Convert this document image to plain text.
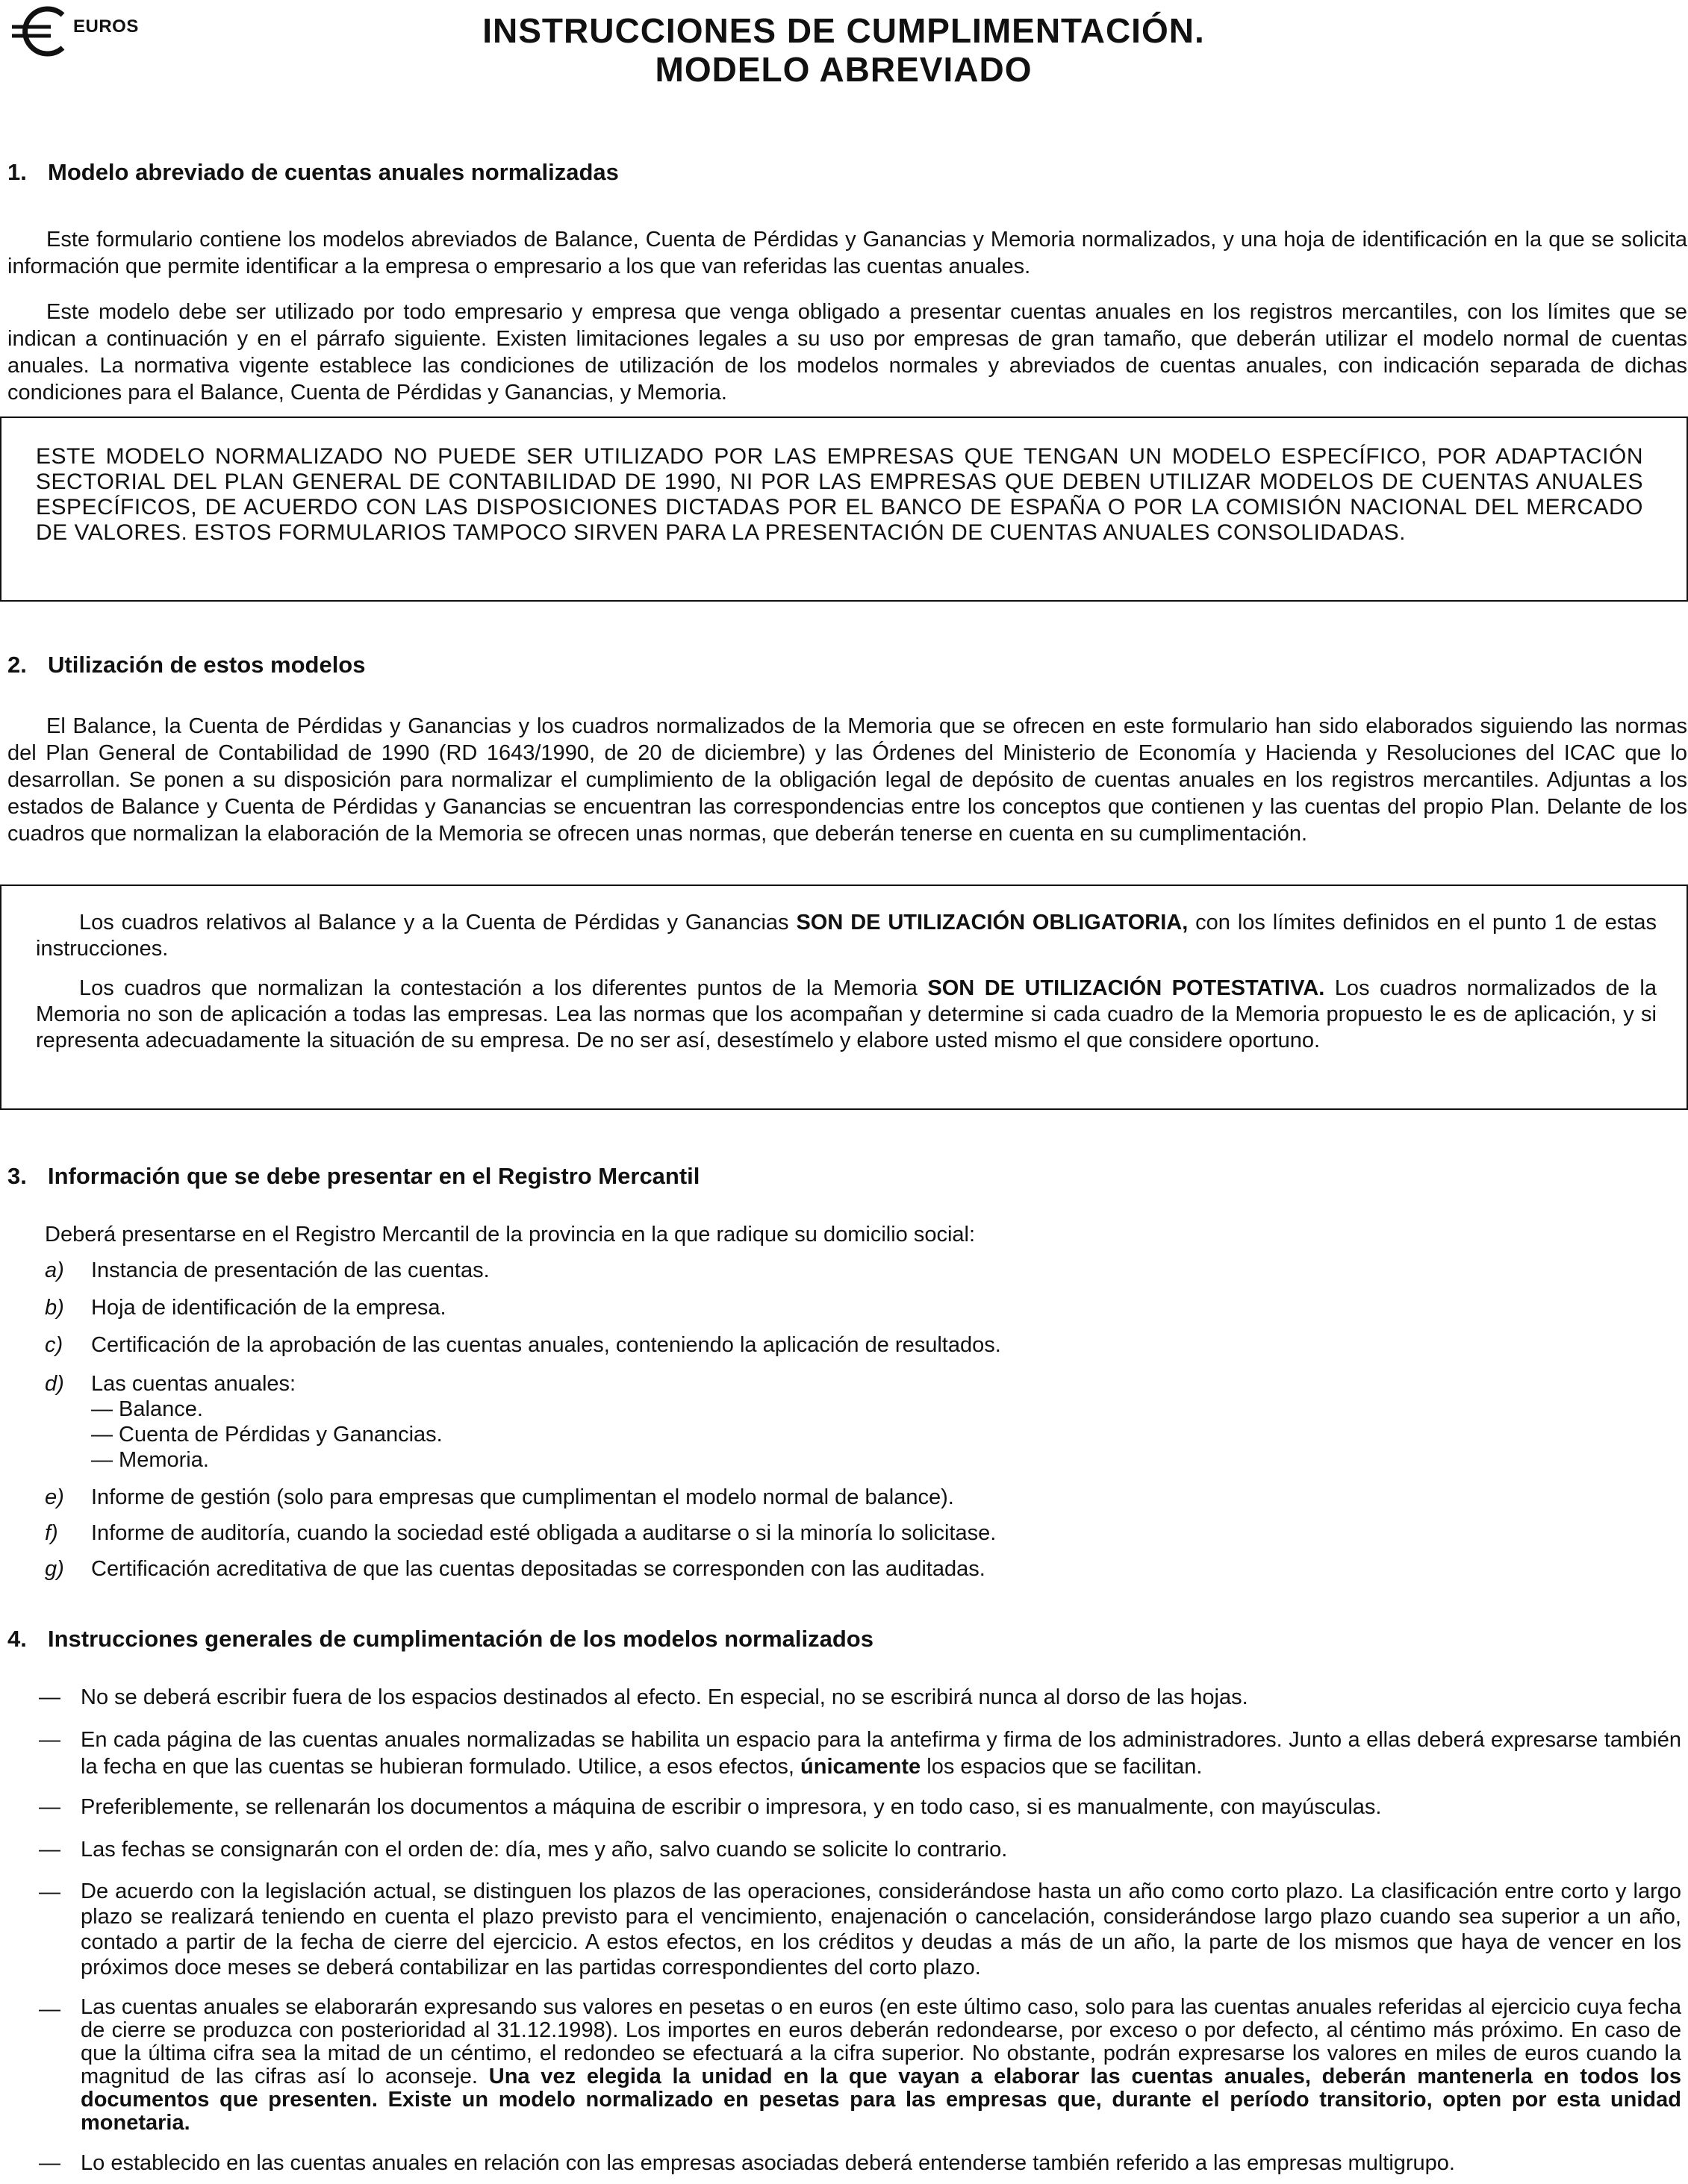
EUROS	INSTRUCCIONES DE CUMPLIMENTACIÓN.
MODELO ABREVIADO
1. Modelo abreviado de cuentas anuales normalizadas
Este formulario contiene los modelos abreviados de Balance, Cuenta de Pérdidas y Ganancias y Memoria normalizados, y una hoja de identificación en la que se solicita información que permite identificar a la empresa o empresario a los que van referidas las cuentas anuales.
Este modelo debe ser utilizado por todo empresario y empresa que venga obligado a presentar cuentas anuales en los registros mercantiles, con los límites que se indican a continuación y en el párrafo siguiente. Existen limitaciones legales a su uso por empresas de gran tamaño, que deberán utilizar el modelo normal de cuentas anuales. La normativa vigente establece las condiciones de utilización de los modelos normales y abreviados de cuentas anuales, con indicación separada de dichas condiciones para el Balance, Cuenta de Pérdidas y Ganancias, y Memoria.

ESTE MODELO NORMALIZADO NO PUEDE SER UTILIZADO POR LAS EMPRESAS QUE TENGAN UN MODELO ESPECÍFICO, POR ADAPTACIÓN SECTORIAL DEL PLAN GENERAL DE CONTABILIDAD DE 1990, NI POR LAS EMPRESAS QUE DEBEN UTILIZAR MODELOS DE CUENTAS ANUALES ESPECÍFICOS, DE ACUERDO CON LAS DISPOSICIONES DICTADAS POR EL BANCO DE ESPAÑA O POR LA COMISIÓN NACIONAL DEL MERCADO DE VALORES. ESTOS FORMULARIOS TAMPOCO SIRVEN PARA LA PRESENTACIÓN DE CUENTAS ANUALES CONSOLIDADAS.

2. Utilización de estos modelos
El Balance, la Cuenta de Pérdidas y Ganancias y los cuadros normalizados de la Memoria que se ofrecen en este formulario han sido elaborados siguiendo las normas del Plan General de Contabilidad de 1990 (RD 1643/1990, de 20 de diciembre) y las Órdenes del Ministerio de Economía y Hacienda y Resoluciones del ICAC que lo desarrollan. Se ponen a su disposición para normalizar el cumplimiento de la obligación legal de depósito de cuentas anuales en los registros mercantiles. Adjuntas a los estados de Balance y Cuenta de Pérdidas y Ganancias se encuentran las correspondencias entre los conceptos que contienen y las cuentas del propio Plan. Delante de los cuadros que normalizan la elaboración de la Memoria se ofrecen unas normas, que deberán tenerse en cuenta en su cumplimentación.

Los cuadros relativos al Balance y a la Cuenta de Pérdidas y Ganancias SON DE UTILIZACIÓN OBLIGATORIA, con los límites definidos en el punto 1 de estas instrucciones.

Los cuadros que normalizan la contestación a los diferentes puntos de la Memoria SON DE UTILIZACIÓN POTESTATIVA. Los cuadros normalizados de la Memoria no son de aplicación a todas las empresas. Lea las normas que los acompañan y determine si cada cuadro de la Memoria propuesto le es de aplicación, y si representa adecuadamente la situación de su empresa. De no ser así, desestímelo y elabore usted mismo el que considere oportuno.

3. Información que se debe presentar en el Registro Mercantil
Deberá presentarse en el Registro Mercantil de la provincia en la que radique su domicilio social:
a) Instancia de presentación de las cuentas.
b) Hoja de identificación de la empresa.
c) Certificación de la aprobación de las cuentas anuales, conteniendo la aplicación de resultados.
d) Las cuentas anuales:
— Balance.
— Cuenta de Pérdidas y Ganancias.
— Memoria.
e) Informe de gestión (solo para empresas que cumplimentan el modelo normal de balance).
f) Informe de auditoría, cuando la sociedad esté obligada a auditarse o si la minoría lo solicitase.
g) Certificación acreditativa de que las cuentas depositadas se corresponden con las auditadas.
4. Instrucciones generales de cumplimentación de los modelos normalizados
— No se deberá escribir fuera de los espacios destinados al efecto. En especial, no se escribirá nunca al dorso de las hojas.
— En cada página de las cuentas anuales normalizadas se habilita un espacio para la antefirma y firma de los administradores. Junto a ellas deberá expresarse también la fecha en que las cuentas se hubieran formulado. Utilice, a esos efectos, únicamente los espacios que se facilitan.
— Preferiblemente, se rellenarán los documentos a máquina de escribir o impresora, y en todo caso, si es manualmente, con mayúsculas.
— Las fechas se consignarán con el orden de: día, mes y año, salvo cuando se solicite lo contrario.
— De acuerdo con la legislación actual, se distinguen los plazos de las operaciones, considerándose hasta un año como corto plazo. La clasificación entre corto y largo plazo se realizará teniendo en cuenta el plazo previsto para el vencimiento, enajenación o cancelación, considerándose largo plazo cuando sea superior a un año, contado a partir de la fecha de cierre del ejercicio. A estos efectos, en los créditos y deudas a más de un año, la parte de los mismos que haya de vencer en los próximos doce meses se deberá contabilizar en las partidas correspondientes del corto plazo.
— Las cuentas anuales se elaborarán expresando sus valores en pesetas o en euros (en este último caso, solo para las cuentas anuales referidas al ejercicio cuya fecha de cierre se produzca con posterioridad al 31.12.1998). Los importes en euros deberán redondearse, por exceso o por defecto, al céntimo más próximo. En caso de que la última cifra sea la mitad de un céntimo, el redondeo se efectuará a la cifra superior. No obstante, podrán expresarse los valores en miles de euros cuando la magnitud de las cifras así lo aconseje. Una vez elegida la unidad en la que vayan a elaborar las cuentas anuales, deberán mantenerla en todos los documentos que presenten. Existe un modelo normalizado en pesetas para las empresas que, durante el período transitorio, opten por esta unidad monetaria.
— Lo establecido en las cuentas anuales en relación con las empresas asociadas deberá entenderse también referido a las empresas multigrupo.
